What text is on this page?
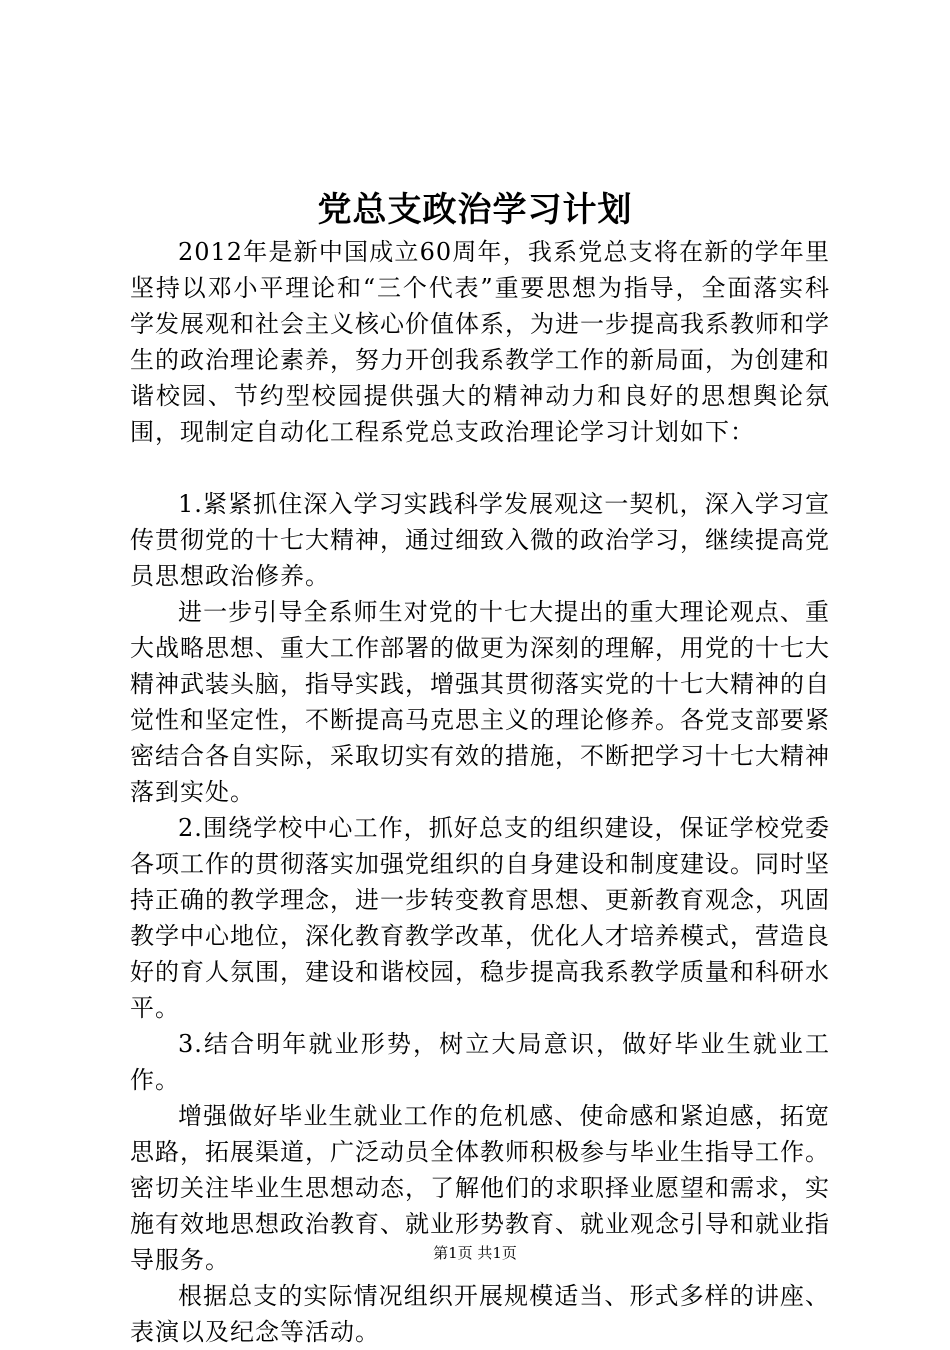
党总支政治学习计划

2012年是新中国成立60周年，我系党总支将在新的学年里坚持以邓小平理论和“三个代表”重要思想为指导，全面落实科学发展观和社会主义核心价值体系，为进一步提高我系教师和学生的政治理论素养，努力开创我系教学工作的新局面，为创建和谐校园、节约型校园提供强大的精神动力和良好的思想舆论氛围，现制定自动化工程系党总支政治理论学习计划如下：

1.紧紧抓住深入学习实践科学发展观这一契机，深入学习宣传贯彻党的十七大精神，通过细致入微的政治学习，继续提高党员思想政治修养。

进一步引导全系师生对党的十七大提出的重大理论观点、重大战略思想、重大工作部署的做更为深刻的理解，用党的十七大精神武装头脑，指导实践，增强其贯彻落实党的十七大精神的自觉性和坚定性，不断提高马克思主义的理论修养。各党支部要紧密结合各自实际，采取切实有效的措施，不断把学习十七大精神落到实处。

2.围绕学校中心工作，抓好总支的组织建设，保证学校党委各项工作的贯彻落实加强党组织的自身建设和制度建设。同时坚持正确的教学理念，进一步转变教育思想、更新教育观念，巩固教学中心地位，深化教育教学改革，优化人才培养模式，营造良好的育人氛围，建设和谐校园，稳步提高我系教学质量和科研水平。

3.结合明年就业形势，树立大局意识，做好毕业生就业工作。

增强做好毕业生就业工作的危机感、使命感和紧迫感，拓宽思路，拓展渠道，广泛动员全体教师积极参与毕业生指导工作。密切关注毕业生思想动态，了解他们的求职择业愿望和需求，实施有效地思想政治教育、就业形势教育、就业观念引导和就业指导服务。

根据总支的实际情况组织开展规模适当、形式多样的讲座、表演以及纪念等活动。

第1页 共1页
